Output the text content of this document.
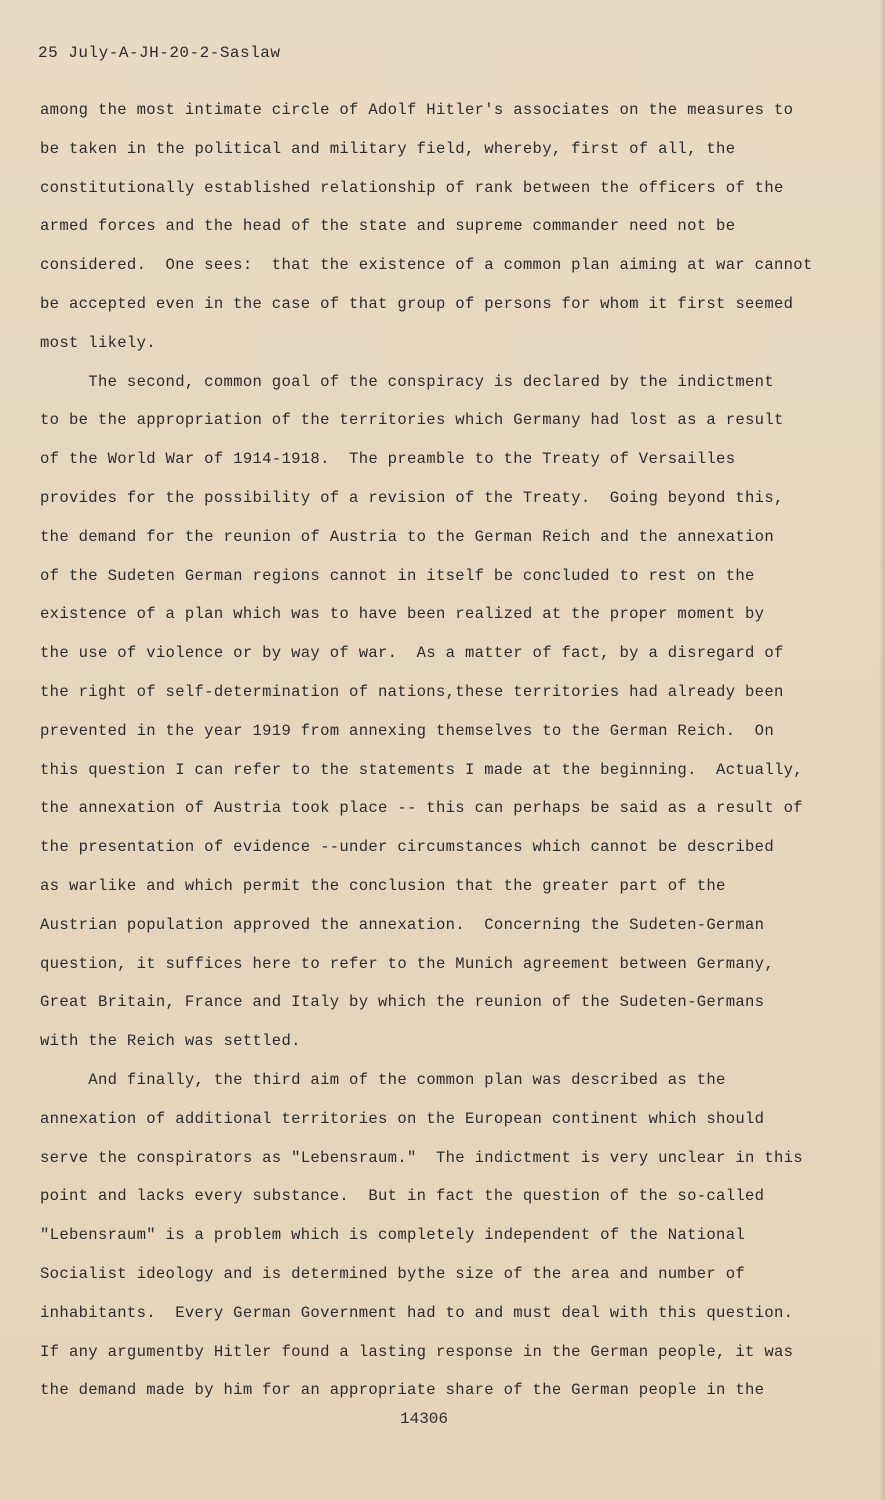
25 July-A-JH-20-2-Saslaw
among the most intimate circle of Adolf Hitler's associates on the measures to
be taken in the political and military field, whereby, first of all, the
constitutionally established relationship of rank between the officers of the
armed forces and the head of the state and supreme commander need not be
considered.  One sees:  that the existence of a common plan aiming at war cannot
be accepted even in the case of that group of persons for whom it first seemed
most likely.
The second, common goal of the conspiracy is declared by the indictment
to be the appropriation of the territories which Germany had lost as a result
of the World War of 1914-1918.  The preamble to the Treaty of Versailles
provides for the possibility of a revision of the Treaty.  Going beyond this,
the demand for the reunion of Austria to the German Reich and the annexation
of the Sudeten German regions cannot in itself be concluded to rest on the
existence of a plan which was to have been realized at the proper moment by
the use of violence or by way of war.  As a matter of fact, by a disregard of
the right of self-determination of nations,these territories had already been
prevented in the year 1919 from annexing themselves to the German Reich.  On
this question I can refer to the statements I made at the beginning.  Actually,
the annexation of Austria took place -- this can perhaps be said as a result of
the presentation of evidence --under circumstances which cannot be described
as warlike and which permit the conclusion that the greater part of the
Austrian population approved the annexation.  Concerning the Sudeten-German
question, it suffices here to refer to the Munich agreement between Germany,
Great Britain, France and Italy by which the reunion of the Sudeten-Germans
with the Reich was settled.
And finally, the third aim of the common plan was described as the
annexation of additional territories on the European continent which should
serve the conspirators as "Lebensraum."  The indictment is very unclear in this
point and lacks every substance.  But in fact the question of the so-called
"Lebensraum" is a problem which is completely independent of the National
Socialist ideology and is determined bythe size of the area and number of
inhabitants.  Every German Government had to and must deal with this question.
If any argumentby Hitler found a lasting response in the German people, it was
the demand made by him for an appropriate share of the German people in the
14306
